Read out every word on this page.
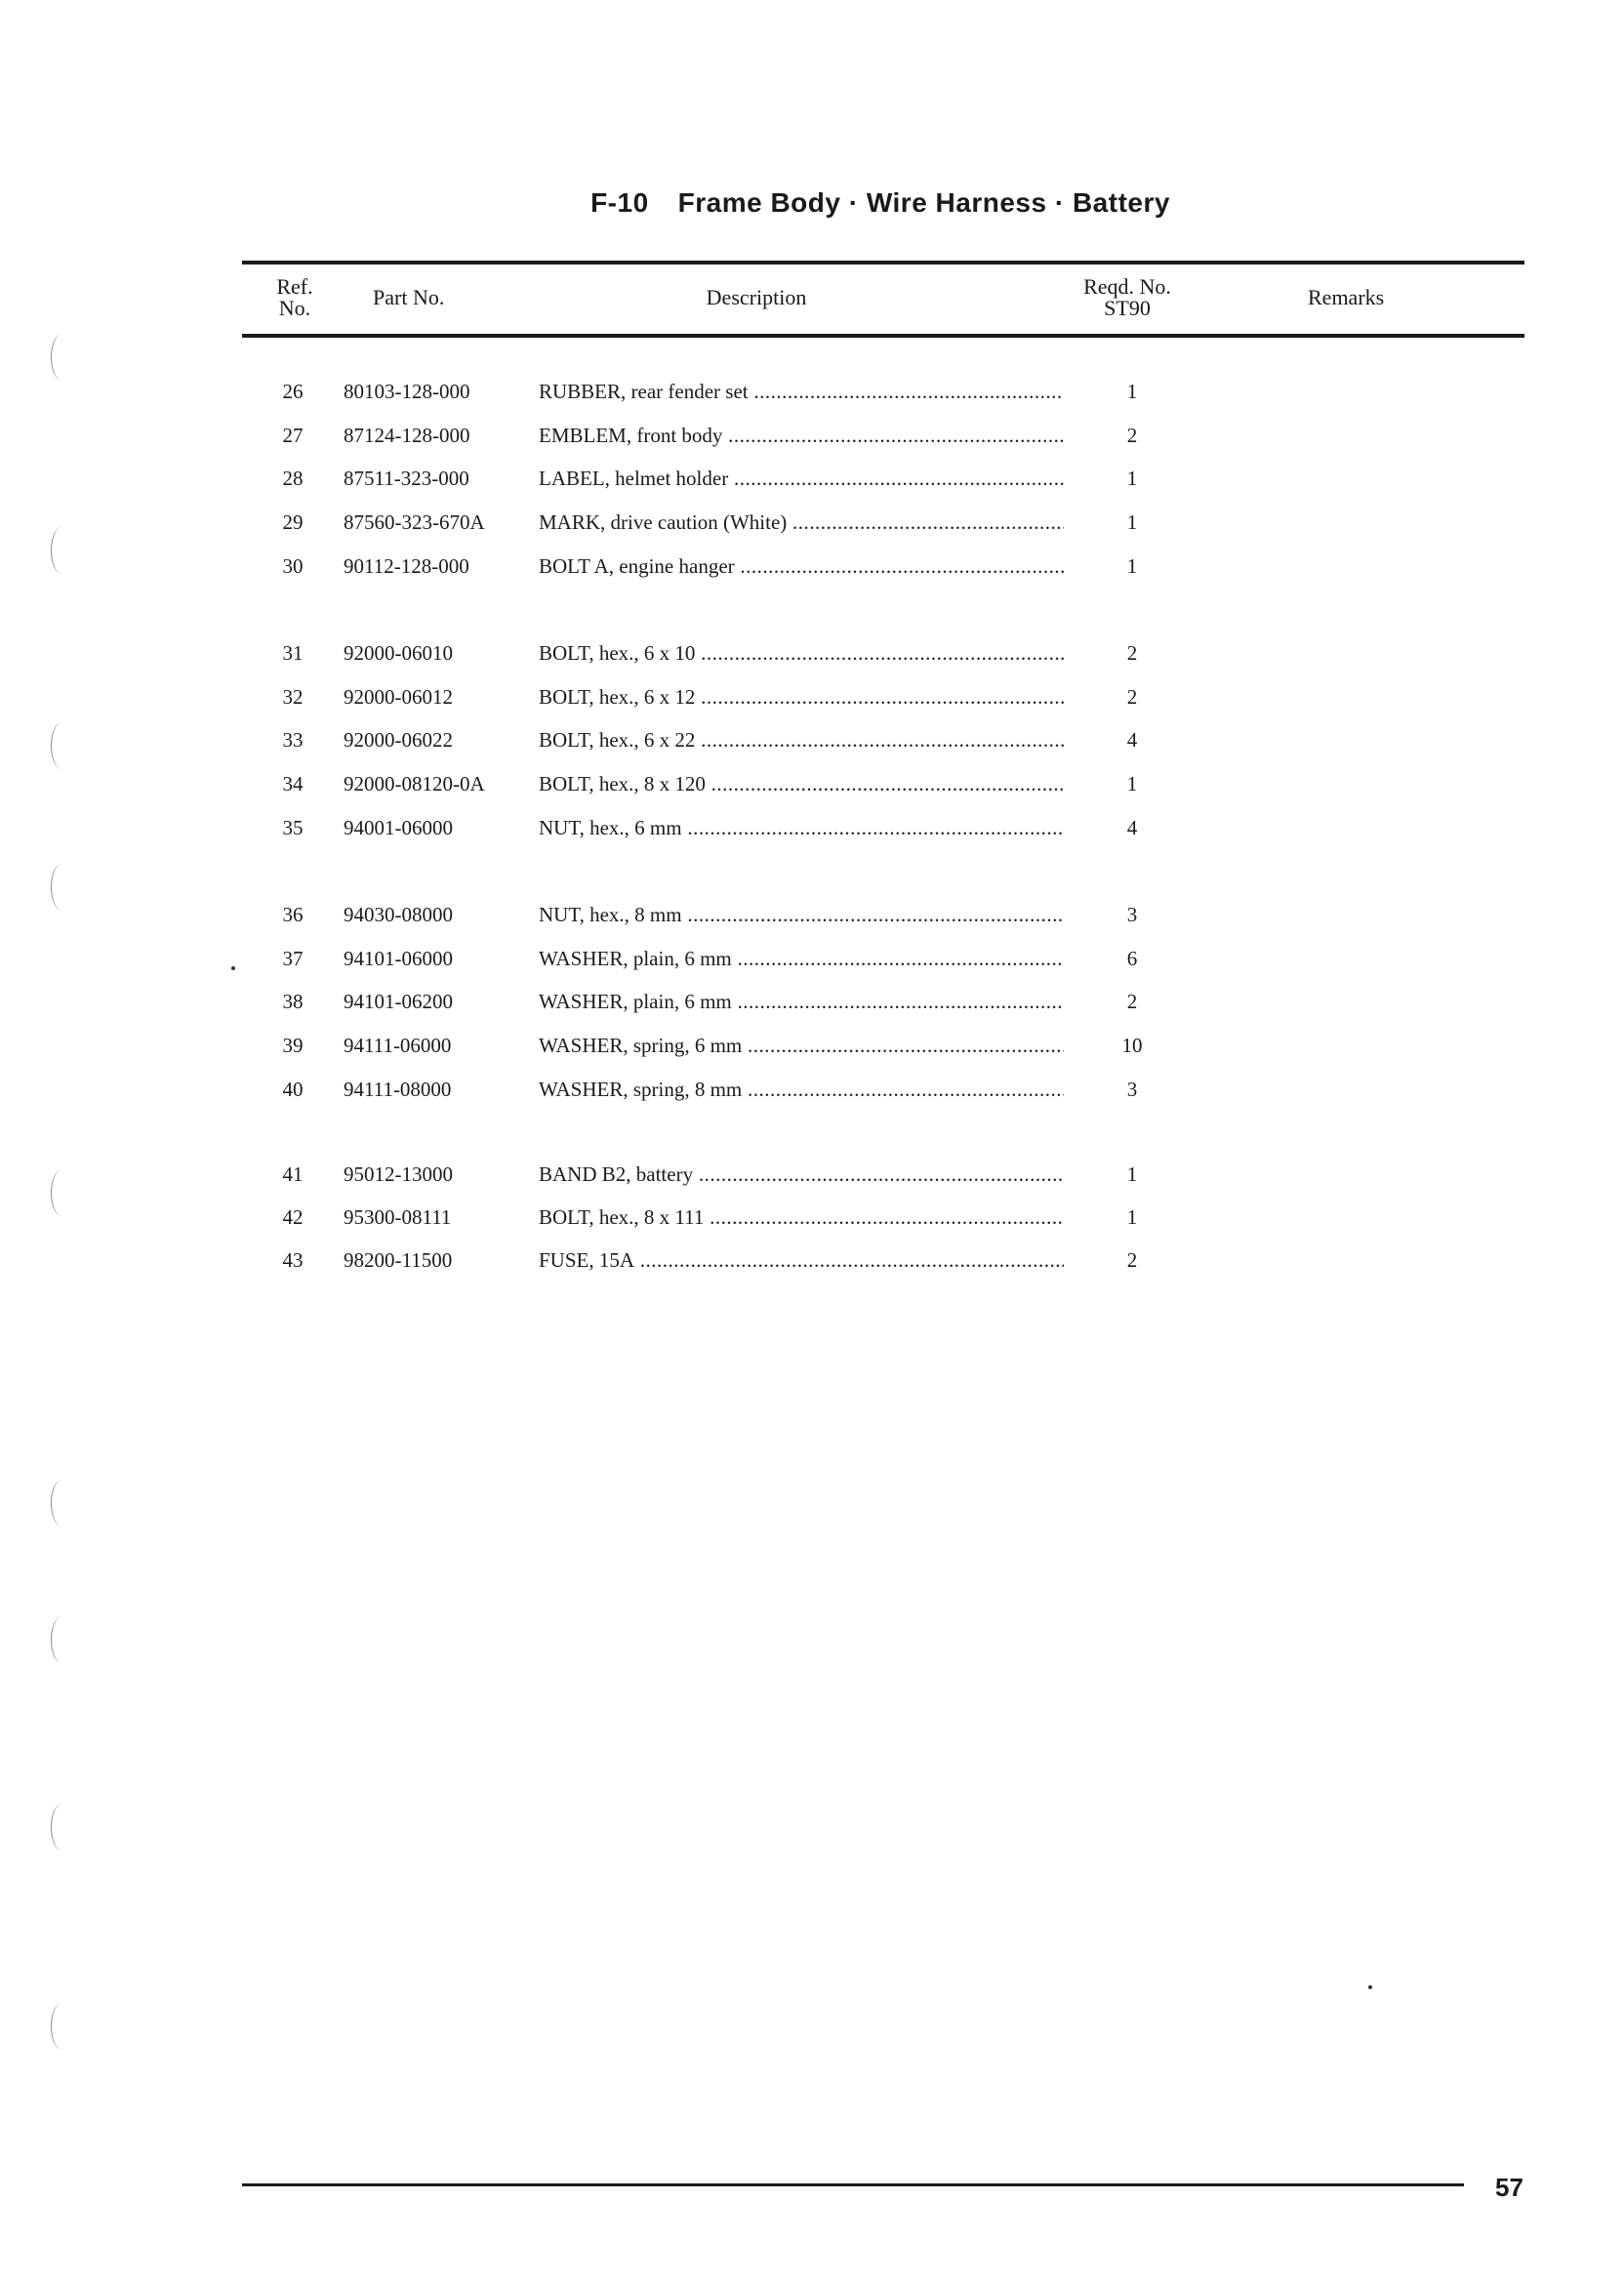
F-10 Frame Body · Wire Harness · Battery
Ref.
No.	Part No.	Description	Reqd. No.
ST90	Remarks
26	80103-128-000	RUBBER, rear fender set .....	1
27	87124-128-000	EMBLEM, front body .....	2
28	87511-323-000	LABEL, helmet holder .....	1
29	87560-323-670A	MARK, drive caution (White) .....	1
30	90112-128-000	BOLT A, engine hanger .....	1
31	92000-06010	BOLT, hex., 6 x 10 .....	2
32	92000-06012	BOLT, hex., 6 x 12 .....	2
33	92000-06022	BOLT, hex., 6 x 22 .....	4
34	92000-08120-0A	BOLT, hex., 8 x 120 .....	1
35	94001-06000	NUT, hex., 6 mm .....	4
36	94030-08000	NUT, hex., 8 mm .....	3
37	94101-06000	WASHER, plain, 6 mm .....	6
38	94101-06200	WASHER, plain, 6 mm .....	2
39	94111-06000	WASHER, spring, 6 mm .....	10
40	94111-08000	WASHER, spring, 8 mm .....	3
41	95012-13000	BAND B2, battery .....	1
42	95300-08111	BOLT, hex., 8 x 111 .....	1
43	98200-11500	FUSE, 15A .....	2
57
